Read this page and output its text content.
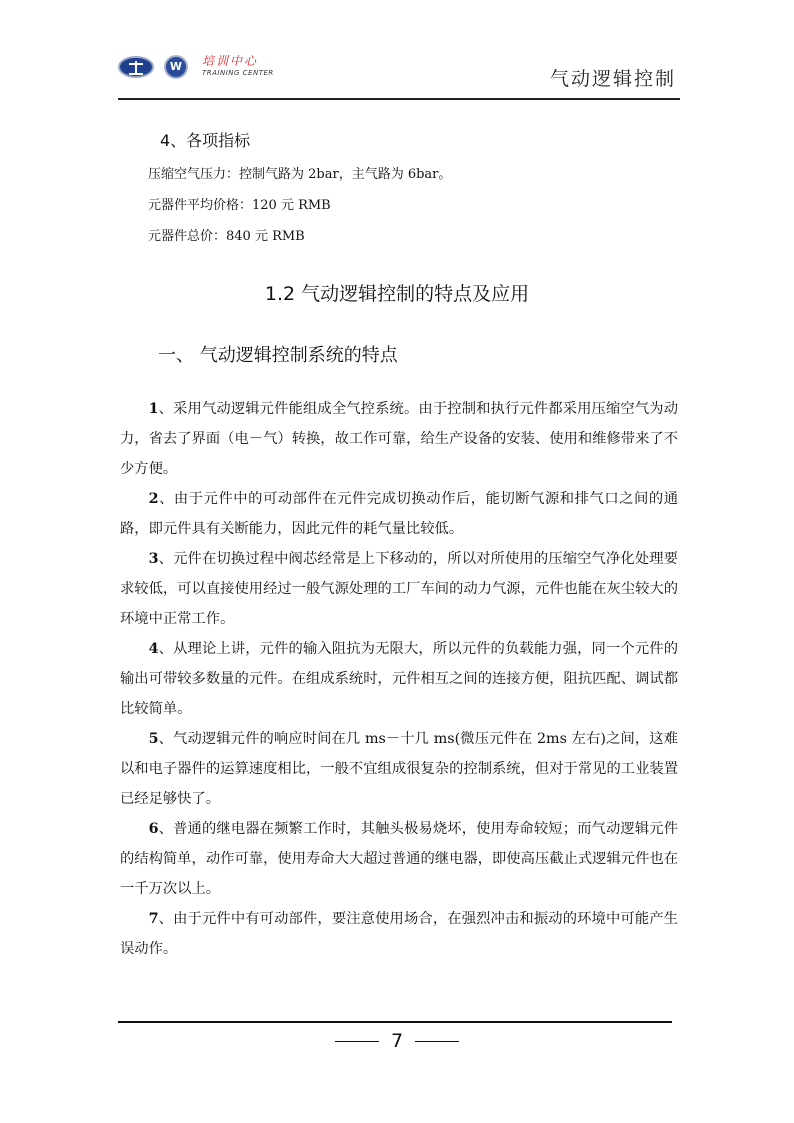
W	培训中心
TRAINING CENTER	气动逻辑控制
4、各项指标
压缩空气压力：控制气路为 2bar，主气路为 6bar。
元器件平均价格：120 元 RMB
元器件总价：840 元 RMB
1.2 气动逻辑控制的特点及应用
一、 气动逻辑控制系统的特点

1、采用气动逻辑元件能组成全气控系统。由于控制和执行元件都采用压缩空气为动力，省去了界面（电－气）转换，故工作可靠，给生产设备的安装、使用和维修带来了不少方便。

2、由于元件中的可动部件在元件完成切换动作后，能切断气源和排气口之间的通路，即元件具有关断能力，因此元件的耗气量比较低。

3、元件在切换过程中阀芯经常是上下移动的，所以对所使用的压缩空气净化处理要求较低，可以直接使用经过一般气源处理的工厂车间的动力气源，元件也能在灰尘较大的环境中正常工作。

4、从理论上讲，元件的输入阻抗为无限大，所以元件的负载能力强，同一个元件的输出可带较多数量的元件。在组成系统时，元件相互之间的连接方便，阻抗匹配、调试都比较简单。

5、气动逻辑元件的响应时间在几 ms－十几 ms(微压元件在 2ms 左右)之间，这难以和电子器件的运算速度相比，一般不宜组成很复杂的控制系统，但对于常见的工业装置已经足够快了。

6、普通的继电器在频繁工作时，其触头极易烧坏，使用寿命较短；而气动逻辑元件的结构简单，动作可靠，使用寿命大大超过普通的继电器，即使高压截止式逻辑元件也在一千万次以上。

7、由于元件中有可动部件，要注意使用场合，在强烈冲击和振动的环境中可能产生误动作。

7
